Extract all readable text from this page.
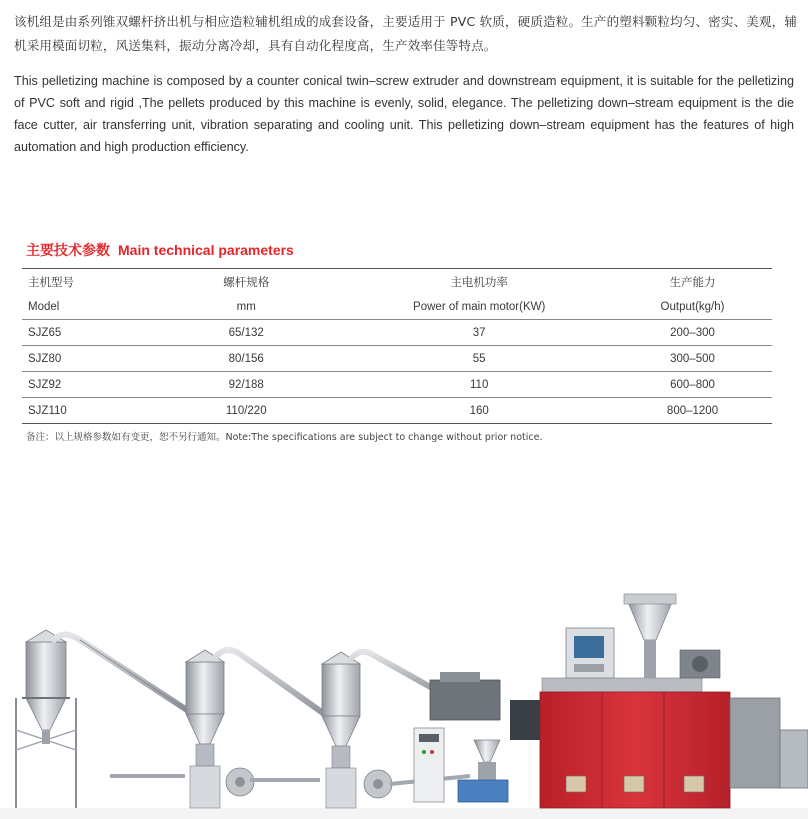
该机组是由系列锥双螺杆挤出机与相应造粒辅机组成的成套设备，主要适用于 PVC 软质，硬质造粒。生产的塑料颗粒均匀、密实、美观，辅机采用模面切粒，风送集料，振动分离冷却，具有自动化程度高，生产效率佳等特点。
This pelletizing machine is composed by a counter conical twin–screw extruder and downstream equipment, it is suitable for the pelletizing of PVC soft and rigid ,The pellets produced by this machine is evenly, solid, elegance. The pelletizing down–stream equipment is the die face cutter, air transferring unit, vibration separating and cooling unit. This pelletizing down–stream equipment has the features of high automation and high production efficiency.
主要技术参数 Main technical parameters
主机型号	螺杆规格	主电机功率	生产能力
Model	mm	Power of main motor(KW)	Output(kg/h)
SJZ65	65/132	37	200–300
SJZ80	80/156	55	300–500
SJZ92	92/188	110	600–800
SJZ110	110/220	160	800–1200
备注：以上规格参数如有变更，恕不另行通知。Note:The specifications are subject to change without prior notice.
